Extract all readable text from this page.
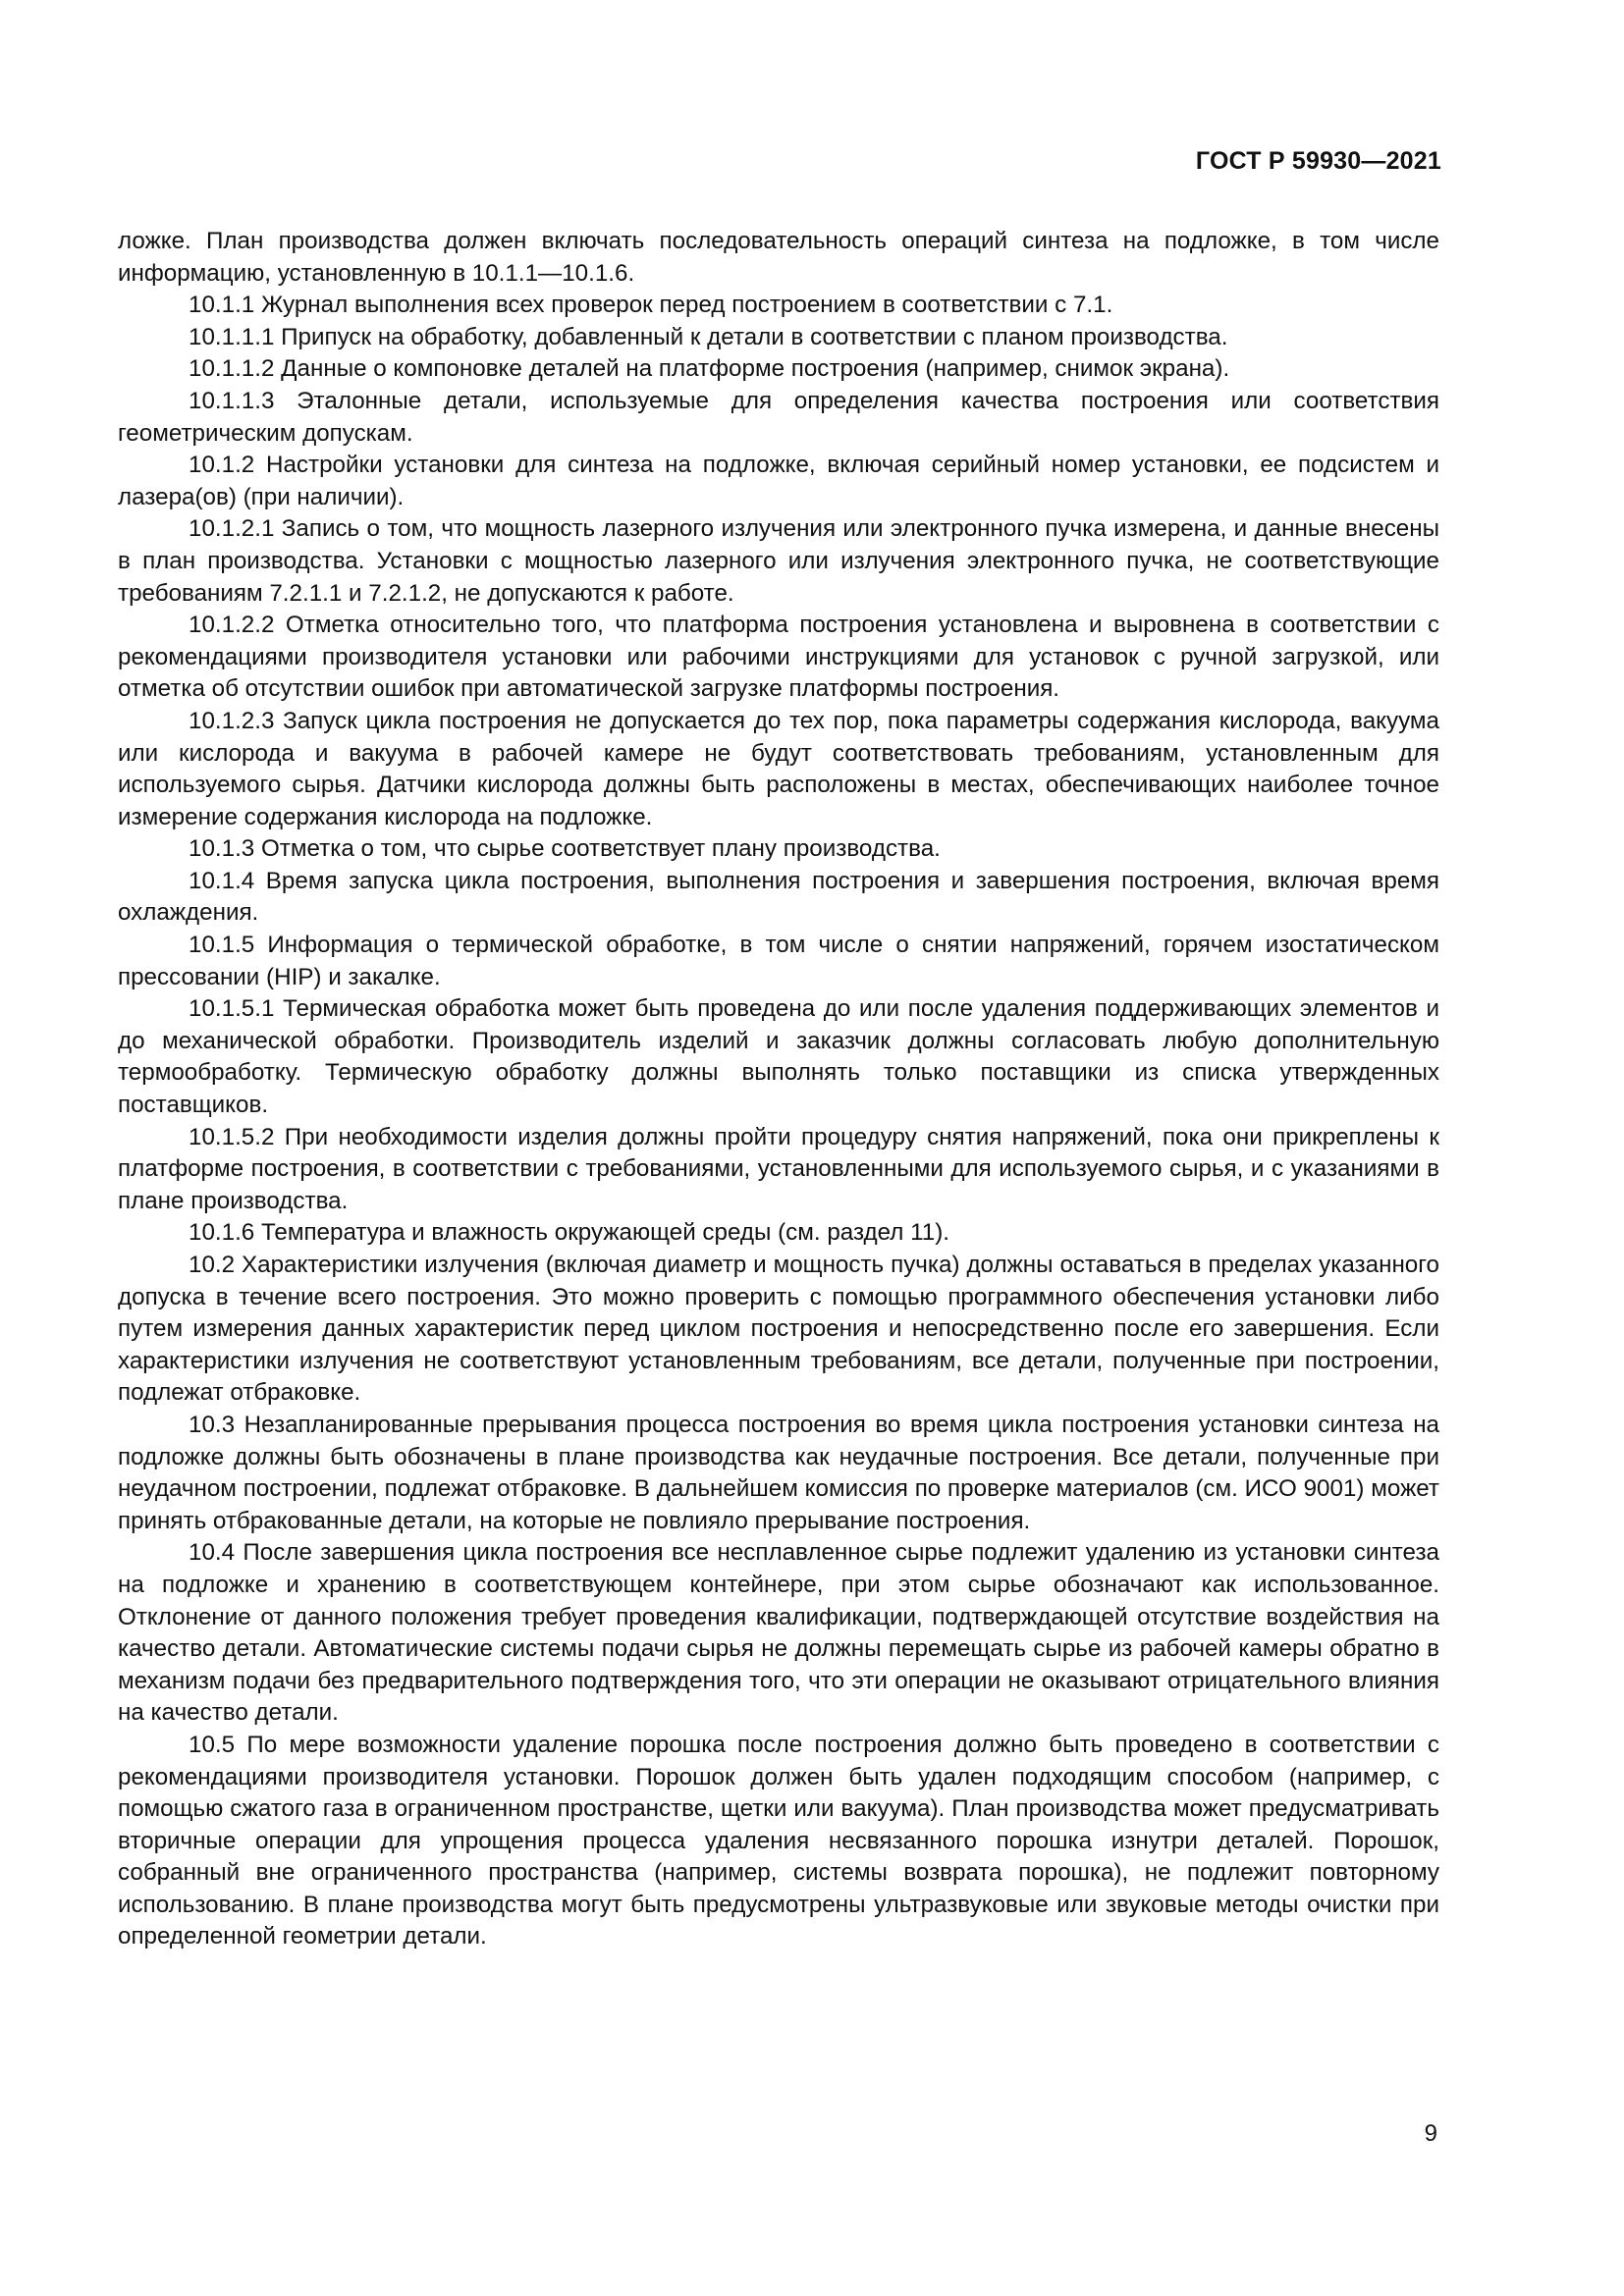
ГОСТ Р 59930—2021

ложке. План производства должен включать последовательность операций синтеза на подложке, в том числе информацию, установленную в 10.1.1—10.1.6.

10.1.1 Журнал выполнения всех проверок перед построением в соответствии с 7.1.

10.1.1.1 Припуск на обработку, добавленный к детали в соответствии с планом производства.

10.1.1.2 Данные о компоновке деталей на платформе построения (например, снимок экрана).

10.1.1.3 Эталонные детали, используемые для определения качества построения или соответствия геометрическим допускам.

10.1.2 Настройки установки для синтеза на подложке, включая серийный номер установки, ее подсистем и лазера(ов) (при наличии).

10.1.2.1 Запись о том, что мощность лазерного излучения или электронного пучка измерена, и данные внесены в план производства. Установки с мощностью лазерного или излучения электронного пучка, не соответствующие требованиям 7.2.1.1 и 7.2.1.2, не допускаются к работе.

10.1.2.2 Отметка относительно того, что платформа построения установлена и выровнена в соответствии с рекомендациями производителя установки или рабочими инструкциями для установок с ручной загрузкой, или отметка об отсутствии ошибок при автоматической загрузке платформы построения.

10.1.2.3 Запуск цикла построения не допускается до тех пор, пока параметры содержания кислорода, вакуума или кислорода и вакуума в рабочей камере не будут соответствовать требованиям, установленным для используемого сырья. Датчики кислорода должны быть расположены в местах, обеспечивающих наиболее точное измерение содержания кислорода на подложке.

10.1.3 Отметка о том, что сырье соответствует плану производства.

10.1.4 Время запуска цикла построения, выполнения построения и завершения построения, включая время охлаждения.

10.1.5 Информация о термической обработке, в том числе о снятии напряжений, горячем изостатическом прессовании (HIP) и закалке.

10.1.5.1 Термическая обработка может быть проведена до или после удаления поддерживающих элементов и до механической обработки. Производитель изделий и заказчик должны согласовать любую дополнительную термообработку. Термическую обработку должны выполнять только поставщики из списка утвержденных поставщиков.

10.1.5.2 При необходимости изделия должны пройти процедуру снятия напряжений, пока они прикреплены к платформе построения, в соответствии с требованиями, установленными для используемого сырья, и с указаниями в плане производства.

10.1.6 Температура и влажность окружающей среды (см. раздел 11).

10.2 Характеристики излучения (включая диаметр и мощность пучка) должны оставаться в пределах указанного допуска в течение всего построения. Это можно проверить с помощью программного обеспечения установки либо путем измерения данных характеристик перед циклом построения и непосредственно после его завершения. Если характеристики излучения не соответствуют установленным требованиям, все детали, полученные при построении, подлежат отбраковке.

10.3 Незапланированные прерывания процесса построения во время цикла построения установки синтеза на подложке должны быть обозначены в плане производства как неудачные построения. Все детали, полученные при неудачном построении, подлежат отбраковке. В дальнейшем комиссия по проверке материалов (см. ИСО 9001) может принять отбракованные детали, на которые не повлияло прерывание построения.

10.4 После завершения цикла построения все несплавленное сырье подлежит удалению из установки синтеза на подложке и хранению в соответствующем контейнере, при этом сырье обозначают как использованное. Отклонение от данного положения требует проведения квалификации, подтверждающей отсутствие воздействия на качество детали. Автоматические системы подачи сырья не должны перемещать сырье из рабочей камеры обратно в механизм подачи без предварительного подтверждения того, что эти операции не оказывают отрицательного влияния на качество детали.

10.5 По мере возможности удаление порошка после построения должно быть проведено в соответствии с рекомендациями производителя установки. Порошок должен быть удален подходящим способом (например, с помощью сжатого газа в ограниченном пространстве, щетки или вакуума). План производства может предусматривать вторичные операции для упрощения процесса удаления несвязанного порошка изнутри деталей. Порошок, собранный вне ограниченного пространства (например, системы возврата порошка), не подлежит повторному использованию. В плане производства могут быть предусмотрены ультразвуковые или звуковые методы очистки при определенной геометрии детали.

9
